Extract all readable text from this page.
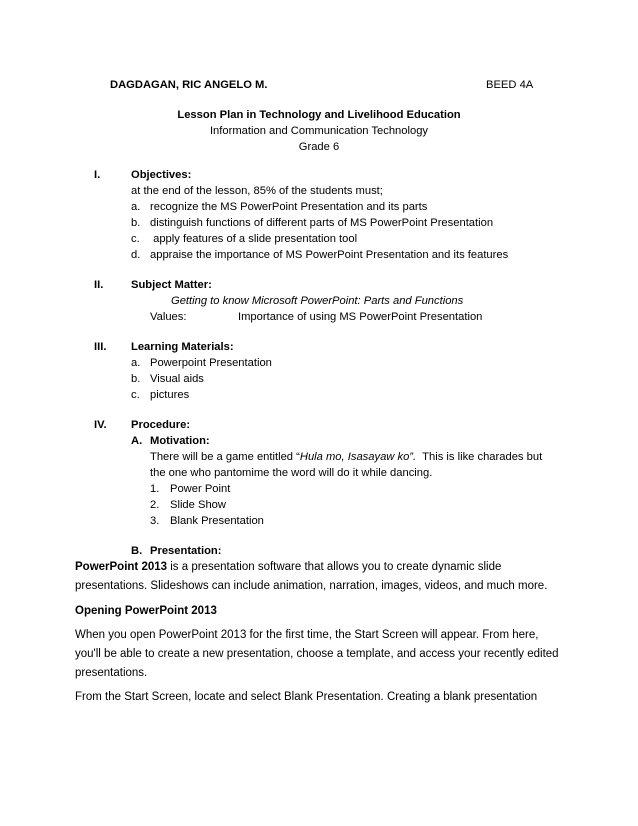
DAGDAGAN, RIC ANGELO M.	BEED 4A
Lesson Plan in Technology and Livelihood Education
Information and Communication Technology
Grade 6
I.	Objectives:
at the end of the lesson, 85% of the students must;
a. recognize the MS PowerPoint Presentation and its parts
b. distinguish functions of different parts of MS PowerPoint Presentation
c. apply features of a slide presentation tool
d. appraise the importance of MS PowerPoint Presentation and its features
II. Subject Matter:
Getting to know Microsoft PowerPoint: Parts and Functions
Values:	Importance of using MS PowerPoint Presentation
III. Learning Materials:
a. Powerpoint Presentation
b. Visual aids
c. pictures
IV. Procedure:
A. Motivation:
There will be a game entitled “Hula mo, Isasayaw ko”.  This is like charades but
the one who pantomime the word will do it while dancing.
1. Power Point
2. Slide Show
3. Blank Presentation
B. Presentation:
PowerPoint 2013 is a presentation software that allows you to create dynamic slide
presentations. Slideshows can include animation, narration, images, videos, and much more.
Opening PowerPoint 2013
When you open PowerPoint 2013 for the first time, the Start Screen will appear. From here,
you'll be able to create a new presentation, choose a template, and access your recently edited
presentations.
From the Start Screen, locate and select Blank Presentation. Creating a blank presentation
